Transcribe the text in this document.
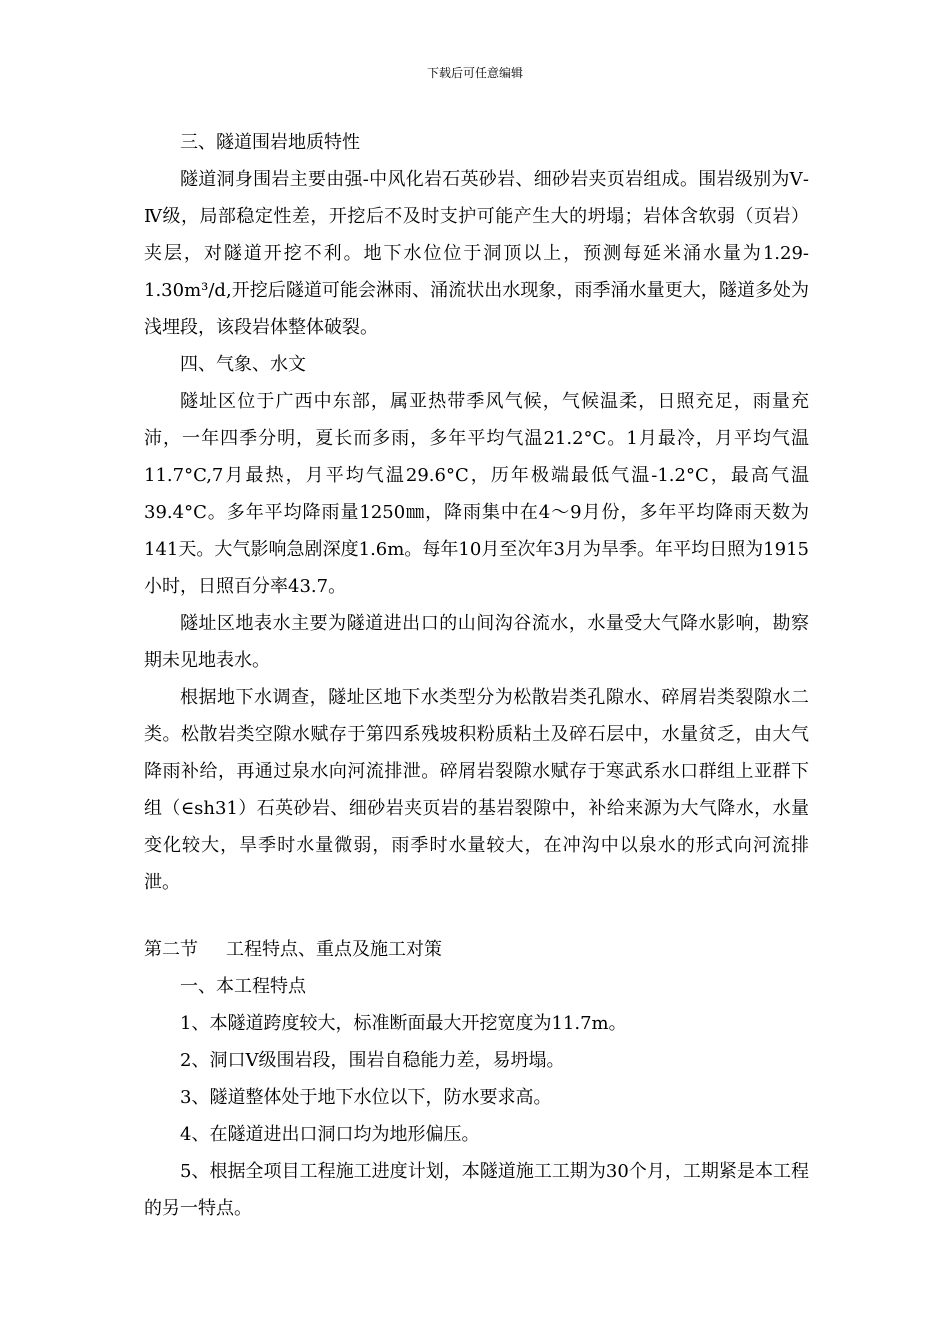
下载后可任意编辑

三、隧道围岩地质特性

隧道洞身围岩主要由强-中风化岩石英砂岩、细砂岩夹页岩组成。围岩级别为Ⅴ-Ⅳ级，局部稳定性差，开挖后不及时支护可能产生大的坍塌；岩体含软弱（页岩）夹层，对隧道开挖不利。地下水位位于洞顶以上，预测每延米涌水量为1.29-1.30m³/d,开挖后隧道可能会淋雨、涌流状出水现象，雨季涌水量更大，隧道多处为浅埋段，该段岩体整体破裂。

四、气象、水文

隧址区位于广西中东部，属亚热带季风气候，气候温柔，日照充足，雨量充沛，一年四季分明，夏长而多雨，多年平均气温21.2°C。1月最冷，月平均气温11.7°C,7月最热，月平均气温29.6°C，历年极端最低气温-1.2°C，最高气温39.4°C。多年平均降雨量1250㎜，降雨集中在4～9月份，多年平均降雨天数为141天。大气影响急剧深度1.6m。每年10月至次年3月为旱季。年平均日照为1915小时，日照百分率43.7。

隧址区地表水主要为隧道进出口的山间沟谷流水，水量受大气降水影响，勘察期未见地表水。

根据地下水调查，隧址区地下水类型分为松散岩类孔隙水、碎屑岩类裂隙水二类。松散岩类空隙水赋存于第四系残坡积粉质粘土及碎石层中，水量贫乏，由大气降雨补给，再通过泉水向河流排泄。碎屑岩裂隙水赋存于寒武系水口群组上亚群下组（∈sh31）石英砂岩、细砂岩夹页岩的基岩裂隙中，补给来源为大气降水，水量变化较大，旱季时水量微弱，雨季时水量较大，在冲沟中以泉水的形式向河流排泄。

第二节 工程特点、重点及施工对策

一、本工程特点

1、本隧道跨度较大，标准断面最大开挖宽度为11.7m。

2、洞口Ⅴ级围岩段，围岩自稳能力差，易坍塌。

3、隧道整体处于地下水位以下，防水要求高。

4、在隧道进出口洞口均为地形偏压。

5、根据全项目工程施工进度计划，本隧道施工工期为30个月，工期紧是本工程的另一特点。
